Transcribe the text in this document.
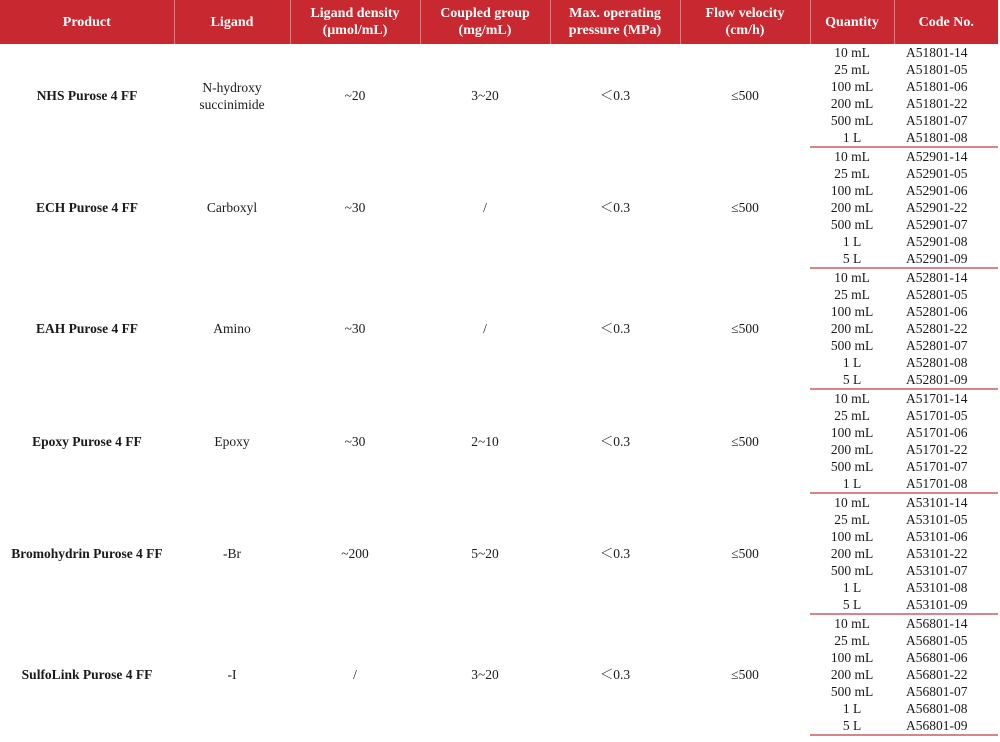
Product	Ligand	Ligand density (µmol/mL)	Coupled group (mg/mL)	Max. operating pressure (MPa)	Flow velocity (cm/h)	Quantity	Code No.
NHS Purose 4 FF	N-hydroxy succinimide	~20	3~20	＜0.3	≤500	10 mL	A51801-14
						25 mL	A51801-05
						100 mL	A51801-06
						200 mL	A51801-22
						500 mL	A51801-07
						1 L	A51801-08
ECH Purose 4 FF	Carboxyl	~30	/	＜0.3	≤500	10 mL	A52901-14
						25 mL	A52901-05
						100 mL	A52901-06
						200 mL	A52901-22
						500 mL	A52901-07
						1 L	A52901-08
						5 L	A52901-09
EAH Purose 4 FF	Amino	~30	/	＜0.3	≤500	10 mL	A52801-14
						25 mL	A52801-05
						100 mL	A52801-06
						200 mL	A52801-22
						500 mL	A52801-07
						1 L	A52801-08
						5 L	A52801-09
Epoxy Purose 4 FF	Epoxy	~30	2~10	＜0.3	≤500	10 mL	A51701-14
						25 mL	A51701-05
						100 mL	A51701-06
						200 mL	A51701-22
						500 mL	A51701-07
						1 L	A51701-08
Bromohydrin Purose 4 FF	-Br	~200	5~20	＜0.3	≤500	10 mL	A53101-14
						25 mL	A53101-05
						100 mL	A53101-06
						200 mL	A53101-22
						500 mL	A53101-07
						1 L	A53101-08
						5 L	A53101-09
SulfoLink Purose 4 FF	-I	/	3~20	＜0.3	≤500	10 mL	A56801-14
						25 mL	A56801-05
						100 mL	A56801-06
						200 mL	A56801-22
						500 mL	A56801-07
						1 L	A56801-08
						5 L	A56801-09
